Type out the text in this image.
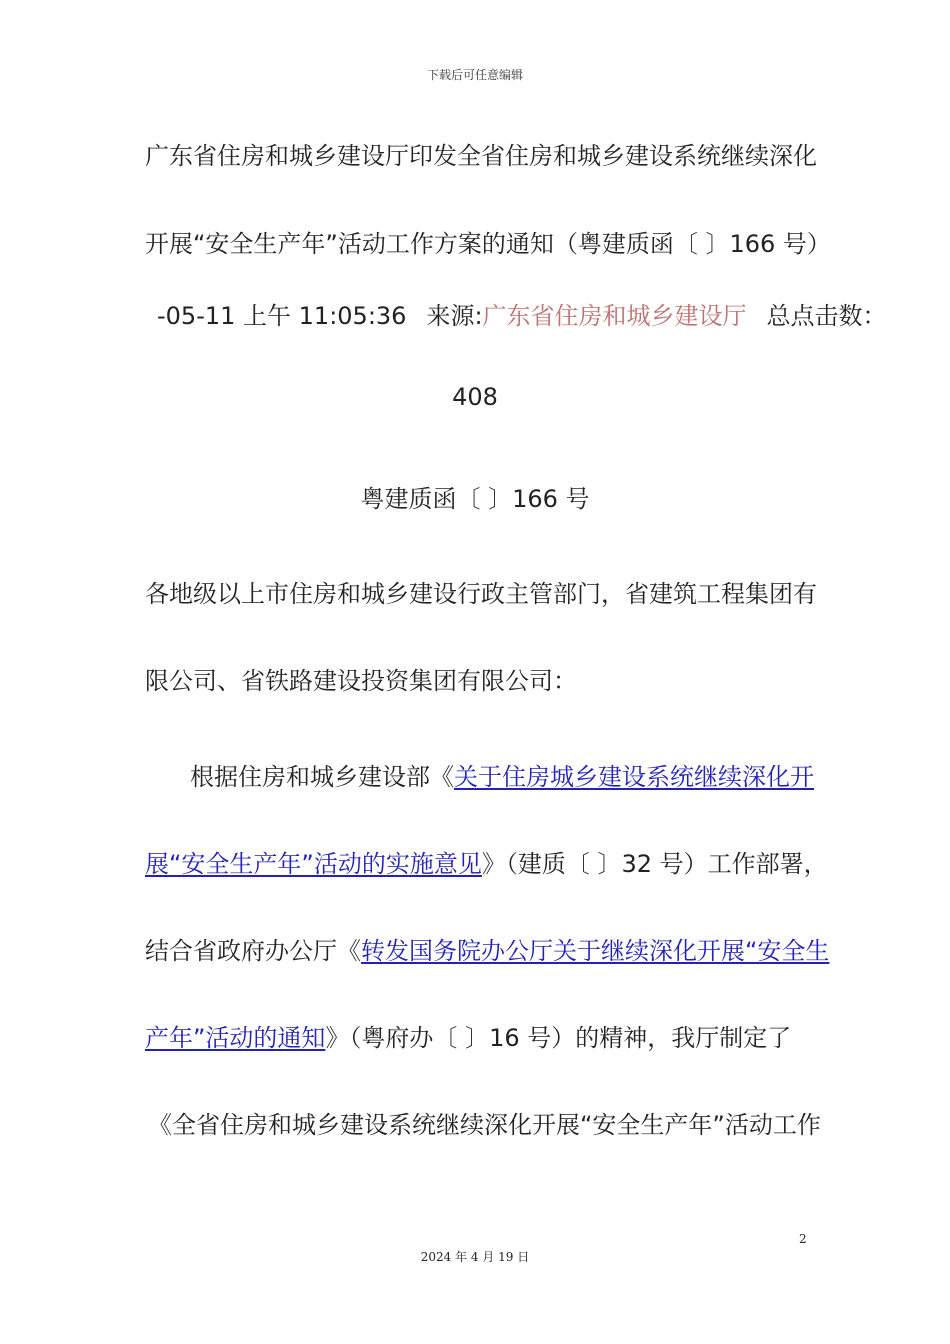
下载后可任意编辑
广东省住房和城乡建设厅印发全省住房和城乡建设系统继续深化
开展“安全生产年”活动工作方案的通知（粤建质函〔 〕166 号）
-05-11 上午 11:05:36 来源:广东省住房和城乡建设厅 总点击数：
408
粤建质函〔 〕166 号
各地级以上市住房和城乡建设行政主管部门，省建筑工程集团有
限公司、省铁路建设投资集团有限公司：
根据住房和城乡建设部《关于住房城乡建设系统继续深化开
展“安全生产年”活动的实施意见》（建质〔 〕32 号）工作部署，
结合省政府办公厅《转发国务院办公厅关于继续深化开展“安全生
产年”活动的通知》（粤府办〔 〕16 号）的精神，我厅制定了
《全省住房和城乡建设系统继续深化开展“安全生产年”活动工作
2
2024 年 4 月 19 日
